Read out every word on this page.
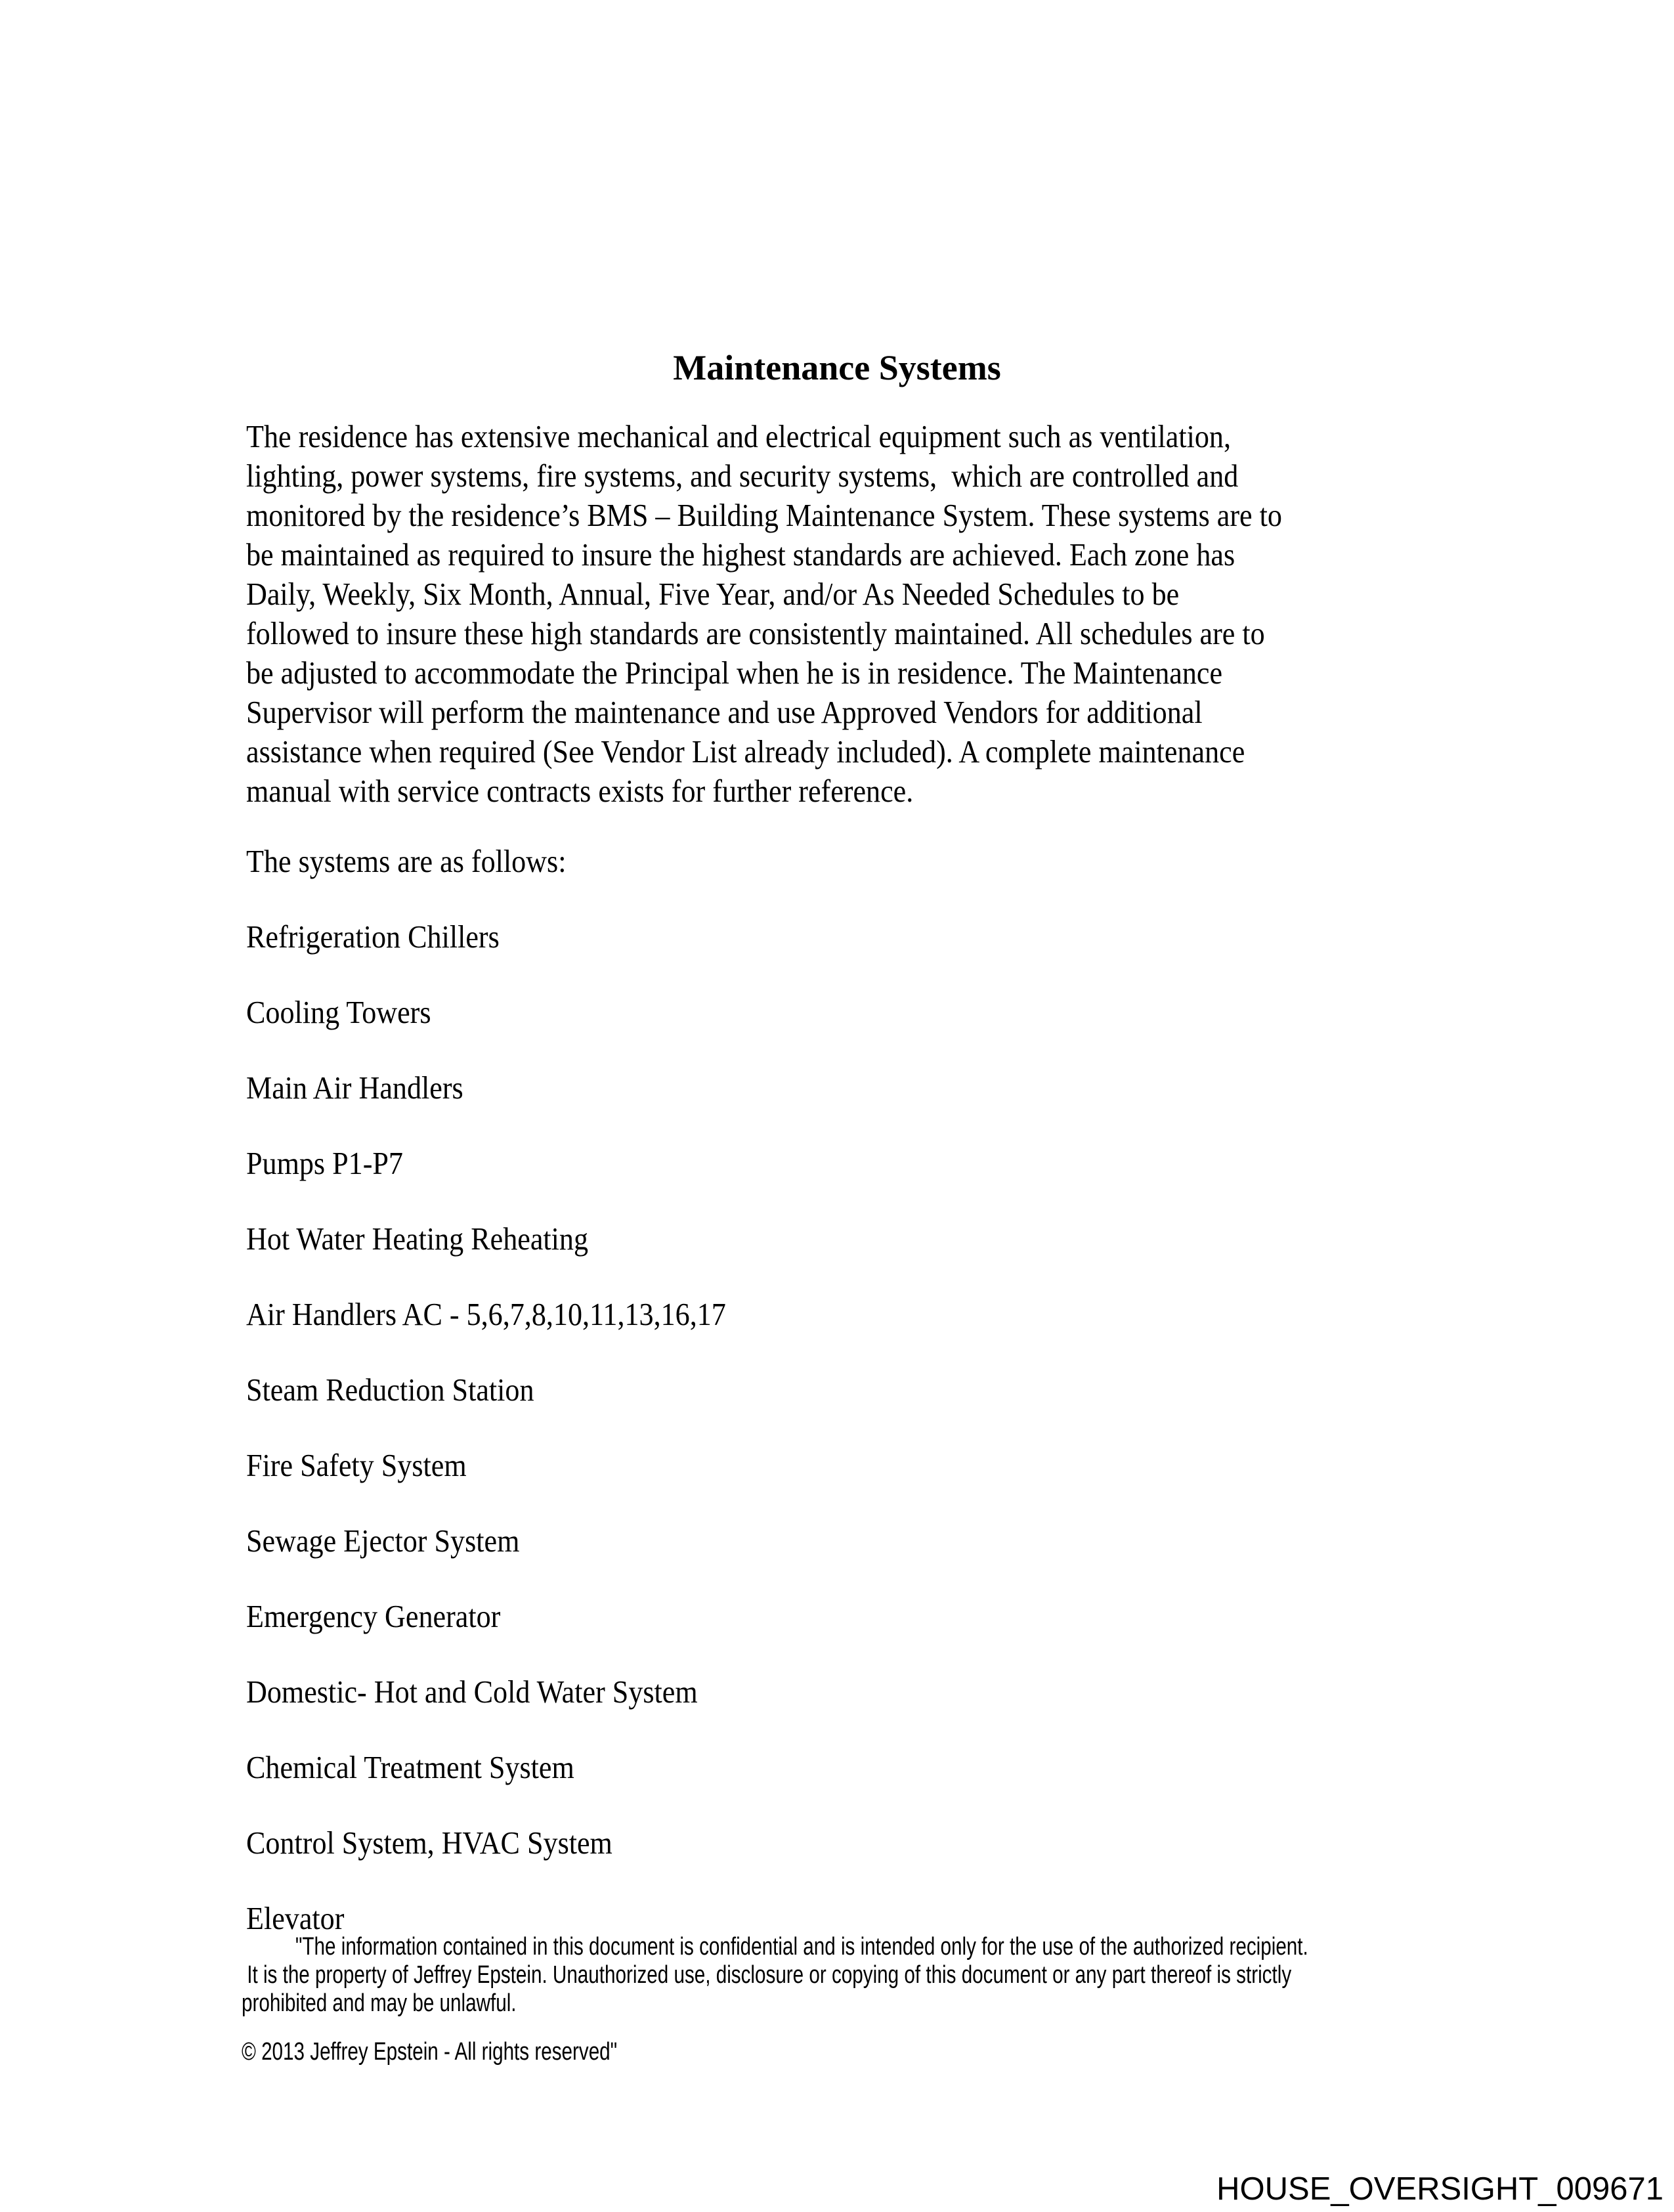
Maintenance Systems
The residence has extensive mechanical and electrical equipment such as ventilation,
lighting, power systems, fire systems, and security systems,  which are controlled and
monitored by the residence’s BMS – Building Maintenance System. These systems are to
be maintained as required to insure the highest standards are achieved. Each zone has
Daily, Weekly, Six Month, Annual, Five Year, and/or As Needed Schedules to be
followed to insure these high standards are consistently maintained. All schedules are to
be adjusted to accommodate the Principal when he is in residence. The Maintenance
Supervisor will perform the maintenance and use Approved Vendors for additional
assistance when required (See Vendor List already included). A complete maintenance
manual with service contracts exists for further reference.
The systems are as follows:
Refrigeration Chillers
Cooling Towers
Main Air Handlers
Pumps P1-P7
Hot Water Heating Reheating
Air Handlers AC - 5,6,7,8,10,11,13,16,17
Steam Reduction Station
Fire Safety System
Sewage Ejector System
Emergency Generator
Domestic- Hot and Cold Water System
Chemical Treatment System
Control System, HVAC System
Elevator
"The information contained in this document is confidential and is intended only for the use of the authorized recipient.
It is the property of Jeffrey Epstein. Unauthorized use, disclosure or copying of this document or any part thereof is strictly
prohibited and may be unlawful.
© 2013 Jeffrey Epstein - All rights reserved"
HOUSE_OVERSIGHT_009671
